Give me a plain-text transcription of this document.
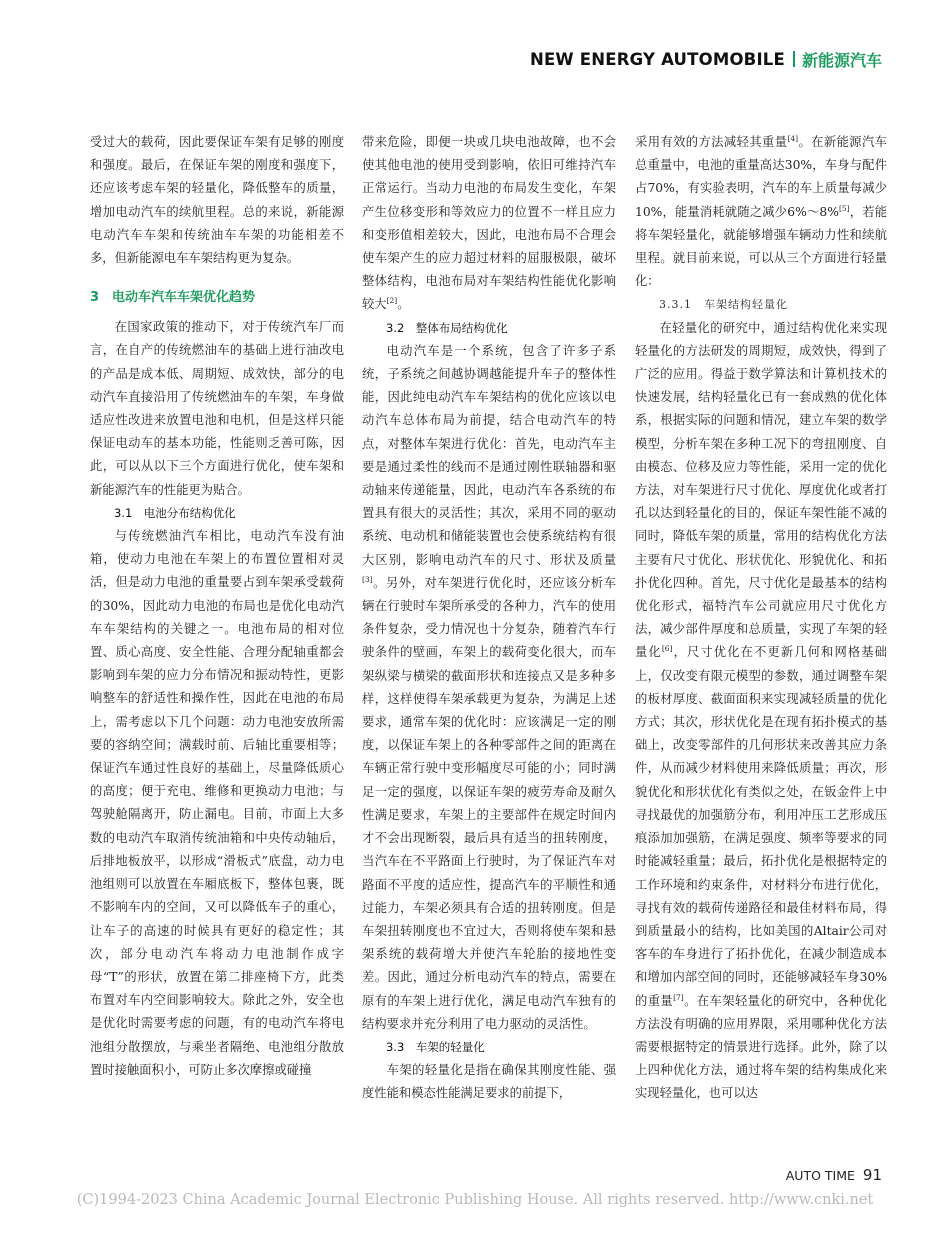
NEW ENERGY AUTOMOBILE 新能源汽车

受过大的载荷，因此要保证车架有足够的刚度和强度。最后，在保证车架的刚度和强度下，还应该考虑车架的轻量化，降低整车的质量，增加电动汽车的续航里程。总的来说，新能源电动汽车车架和传统油车车架的功能相差不多，但新能源电车车架结构更为复杂。

3　电动车汽车车架优化趋势

在国家政策的推动下，对于传统汽车厂而言，在自产的传统燃油车的基础上进行油改电的产品是成本低、周期短、成效快，部分的电动汽车直接沿用了传统燃油车的车架，车身做适应性改进来放置电池和电机，但是这样只能保证电动车的基本功能，性能则乏善可陈，因此，可以从以下三个方面进行优化，使车架和新能源汽车的性能更为贴合。

3.1　电池分布结构优化

与传统燃油汽车相比，电动汽车没有油箱，使动力电池在车架上的布置位置相对灵活，但是动力电池的重量要占到车架承受载荷的30%，因此动力电池的布局也是优化电动汽车车架结构的关键之一。电池布局的相对位置、质心高度、安全性能、合理分配轴重都会影响到车架的应力分布情况和振动特性，更影响整车的舒适性和操作性，因此在电池的布局上，需考虑以下几个问题：动力电池安放所需要的容纳空间；满载时前、后轴比重要相等；保证汽车通过性良好的基础上，尽量降低质心的高度；便于充电、维修和更换动力电池；与驾驶舱隔离开，防止漏电。目前，市面上大多数的电动汽车取消传统油箱和中央传动轴后，后排地板放平，以形成“滑板式”底盘，动力电池组则可以放置在车厢底板下，整体包裹，既不影响车内的空间，又可以降低车子的重心，让车子的高速的时候具有更好的稳定性；其次，部分电动汽车将动力电池制作成字母“T”的形状，放置在第二排座椅下方，此类布置对车内空间影响较大。除此之外，安全也是优化时需要考虑的问题，有的电动汽车将电池组分散摆放，与乘坐者隔绝、电池组分散放置时接触面积小，可防止多次摩擦或碰撞

带来危险，即便一块或几块电池故障，也不会使其他电池的使用受到影响，依旧可维持汽车正常运行。当动力电池的布局发生变化，车架产生位移变形和等效应力的位置不一样且应力和变形值相差较大，因此，电池布局不合理会使车架产生的应力超过材料的屈服极限，破坏整体结构，电池布局对车架结构性能优化影响较大[2]。

3.2　整体布局结构优化

电动汽车是一个系统，包含了许多子系统，子系统之间越协调越能提升车子的整体性能，因此纯电动汽车车架结构的优化应该以电动汽车总体布局为前提，结合电动汽车的特点，对整体车架进行优化：首先，电动汽车主要是通过柔性的线而不是通过刚性联轴器和驱动轴来传递能量，因此，电动汽车各系统的布置具有很大的灵活性；其次，采用不同的驱动系统、电动机和储能装置也会使系统结构有很大区别，影响电动汽车的尺寸、形状及质量[3]。另外，对车架进行优化时，还应该分析车辆在行驶时车架所承受的各种力，汽车的使用条件复杂，受力情况也十分复杂，随着汽车行驶条件的壁画，车架上的载荷变化很大，而车架纵梁与横梁的截面形状和连接点又是多种多样，这样使得车架承载更为复杂，为满足上述要求，通常车架的优化时：应该满足一定的刚度，以保证车架上的各种零部件之间的距离在车辆正常行驶中变形幅度尽可能的小；同时满足一定的强度，以保证车架的疲劳寿命及耐久性满足要求，车架上的主要部件在规定时间内才不会出现断裂，最后具有适当的扭转刚度，当汽车在不平路面上行驶时，为了保证汽车对路面不平度的适应性，提高汽车的平顺性和通过能力，车架必须具有合适的扭转刚度。但是车架扭转刚度也不宜过大，否则将使车架和悬架系统的载荷增大并使汽车轮胎的接地性变差。因此，通过分析电动汽车的特点，需要在原有的车架上进行优化，满足电动汽车独有的结构要求并充分利用了电力驱动的灵活性。

3.3　车架的轻量化

车架的轻量化是指在确保其刚度性能、强度性能和模态性能满足要求的前提下，

采用有效的方法减轻其重量[4]。在新能源汽车总重量中，电池的重量高达30%，车身与配件占70%，有实验表明，汽车的车上质量每减少10%，能量消耗就随之减少6%～8%[5]，若能将车架轻量化，就能够增强车辆动力性和续航里程。就目前来说，可以从三个方面进行轻量化：

3.3.1　车架结构轻量化

在轻量化的研究中，通过结构优化来实现轻量化的方法研发的周期短，成效快，得到了广泛的应用。得益于数学算法和计算机技术的快速发展，结构轻量化已有一套成熟的优化体系，根据实际的问题和情况，建立车架的数学模型，分析车架在多种工况下的弯扭刚度、自由模态、位移及应力等性能，采用一定的优化方法，对车架进行尺寸优化、厚度优化或者打孔以达到轻量化的目的，保证车架性能不减的同时，降低车架的质量，常用的结构优化方法主要有尺寸优化、形状优化、形貌优化、和拓扑优化四种。首先，尺寸优化是最基本的结构优化形式，福特汽车公司就应用尺寸优化方法，减少部件厚度和总质量，实现了车架的轻量化[6]，尺寸优化在不更新几何和网格基础上，仅改变有限元模型的参数，通过调整车架的板材厚度、截面面积来实现减轻质量的优化方式；其次，形状优化是在现有拓扑模式的基础上，改变零部件的几何形状来改善其应力条件，从而减少材料使用来降低质量；再次，形貌优化和形状优化有类似之处，在钣金件上中寻找最优的加强筋分布，利用冲压工艺形成压痕添加加强筋，在满足强度、频率等要求的同时能减轻重量；最后，拓扑优化是根据特定的工作环境和约束条件，对材料分布进行优化，寻找有效的载荷传递路径和最佳材料布局，得到质量最小的结构，比如美国的Altair公司对客车的车身进行了拓扑优化，在减少制造成本和增加内部空间的同时，还能够减轻车身30%的重量[7]。在车架轻量化的研究中，各种优化方法没有明确的应用界限，采用哪种优化方法需要根据特定的情景进行选择。此外，除了以上四种优化方法，通过将车架的结构集成化来实现轻量化，也可以达

AUTO TIME 91
(C)1994-2023 China Academic Journal Electronic Publishing House. All rights reserved. http://www.cnki.net
